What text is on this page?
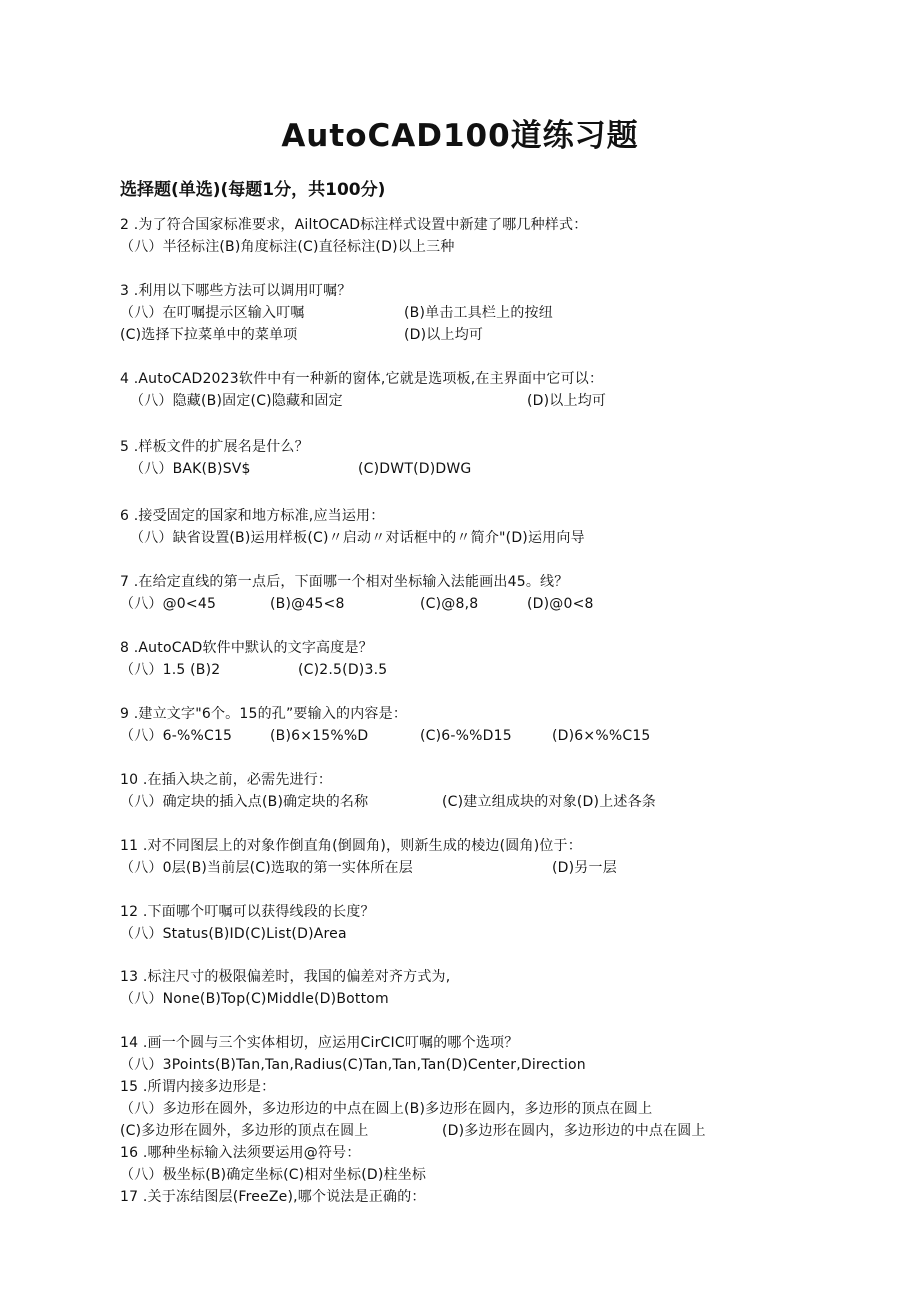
AutoCAD100道练习题
选择题(单选)(每题1分，共100分)
2 .为了符合国家标准要求，AiltOCAD标注样式设置中新建了哪几种样式：
（八）半径标注(B)角度标注(C)直径标注(D)以上三种
3 .利用以下哪些方法可以调用叮嘱？
（八）在叮嘱提示区输入叮嘱	(B)单击工具栏上的按纽
(C)选择下拉菜单中的菜单项	(D)以上均可
4 .AutoCAD2023软件中有一种新的窗体,它就是选项板,在主界面中它可以：
（八）隐藏(B)固定(C)隐藏和固定	(D)以上均可
5 .样板文件的扩展名是什么？
（八）BAK(B)SV$	(C)DWT(D)DWG
6 .接受固定的国家和地方标准,应当运用：
（八）缺省设置(B)运用样板(C)〃启动〃对话框中的〃简介"(D)运用向导
7 .在给定直线的第一点后，下面哪一个相对坐标输入法能画出45。线？
（八）@0<45	(B)@45<8	(C)@8,8	(D)@0<8
8 .AutoCAD软件中默认的文字高度是？
（八）1.5 (B)2	(C)2.5(D)3.5
9 .建立文字"6个。15的孔”要输入的内容是：
（八）6-%%C15	(B)6×15%%D	(C)6-%%D15	(D)6×%%C15
10 .在插入块之前，必需先进行：
（八）确定块的插入点(B)确定块的名称	(C)建立组成块的对象(D)上述各条
11 .对不同图层上的对象作倒直角(倒圆角)，则新生成的棱边(圆角)位于：
（八）0层(B)当前层(C)选取的第一实体所在层	(D)另一层
12 .下面哪个叮嘱可以获得线段的长度？
（八）Status(B)ID(C)List(D)Area
13 .标注尺寸的极限偏差时，我国的偏差对齐方式为,
（八）None(B)Top(C)Middle(D)Bottom
14 .画一个圆与三个实体相切，应运用CirCIC叮嘱的哪个选项？
（八）3Points(B)Tan,Tan,Radius(C)Tan,Tan,Tan(D)Center,Direction
15 .所谓内接多边形是：
（八）多边形在圆外，多边形边的中点在圆上(B)多边形在圆内，多边形的顶点在圆上
(C)多边形在圆外，多边形的顶点在圆上	(D)多边形在圆内，多边形边的中点在圆上
16 .哪种坐标输入法须要运用@符号：
（八）极坐标(B)确定坐标(C)相对坐标(D)柱坐标
17 .关于冻结图层(FreeZe),哪个说法是正确的：
